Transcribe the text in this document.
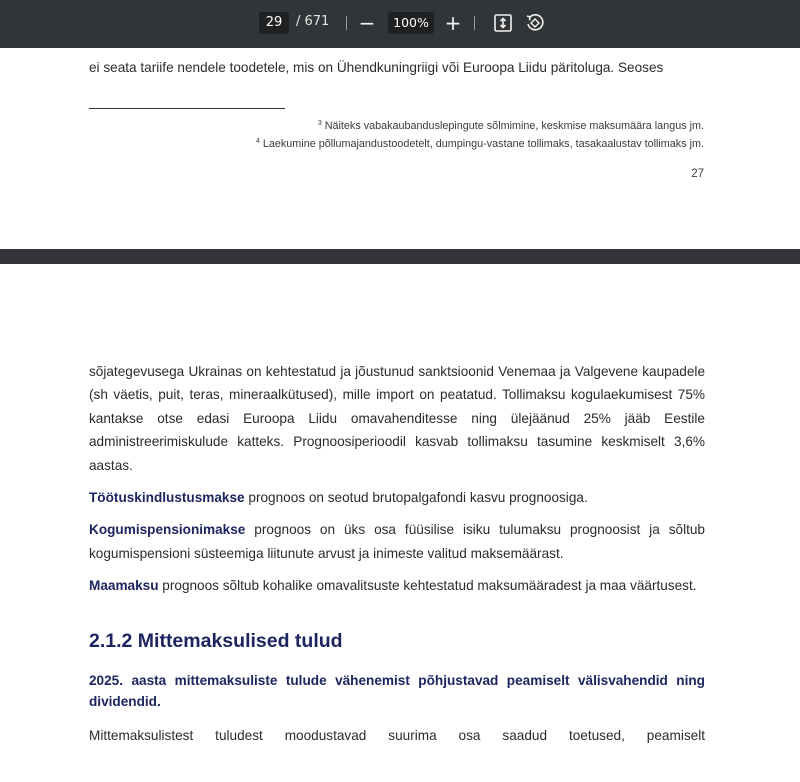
29	/ 671 −	100% +
ei seata tariife nendele toodetele, mis on Ühendkuningriigi või Euroopa Liidu päritoluga. Seoses
$^3$ Näiteks vabakaubanduslepingute sõlmimine, keskmise maksumäära langus jm.
$^4$ Laekumine põllumajandustoodetelt, dumpingu-vastane tollimaks, tasakaalustav tollimaks jm.
27

sõjategevusega Ukrainas on kehtestatud ja jõustunud sanktsioonid Venemaa ja Valgevene kaupadele (sh väetis, puit, teras, mineraalkütused), mille import on peatatud. Tollimaksu kogulaekumisest 75% kantakse otse edasi Euroopa Liidu omavahenditesse ning ülejäänud 25% jääb Eestile administreerimiskulude katteks. Prognoosiperioodil kasvab tollimaksu tasumine keskmiselt 3,6% aastas.

Töötuskindlustusmakse prognoos on seotud brutopalgafondi kasvu prognoosiga.

Kogumispensionimakse prognoos on üks osa füüsilise isiku tulumaksu prognoosist ja sõltub kogumispensioni süsteemiga liitunute arvust ja inimeste valitud maksemäärast.

Maamaksu prognoos sõltub kohalike omavalitsuste kehtestatud maksumääradest ja maa väärtusest.

2.1.2 Mittemaksulised tulud
2025. aasta mittemaksuliste tulude vähenemist põhjustavad peamiselt välisvahendid ning dividendid.

Mittemaksulistest tuludest moodustavad suurima osa saadud toetused, peamiselt
